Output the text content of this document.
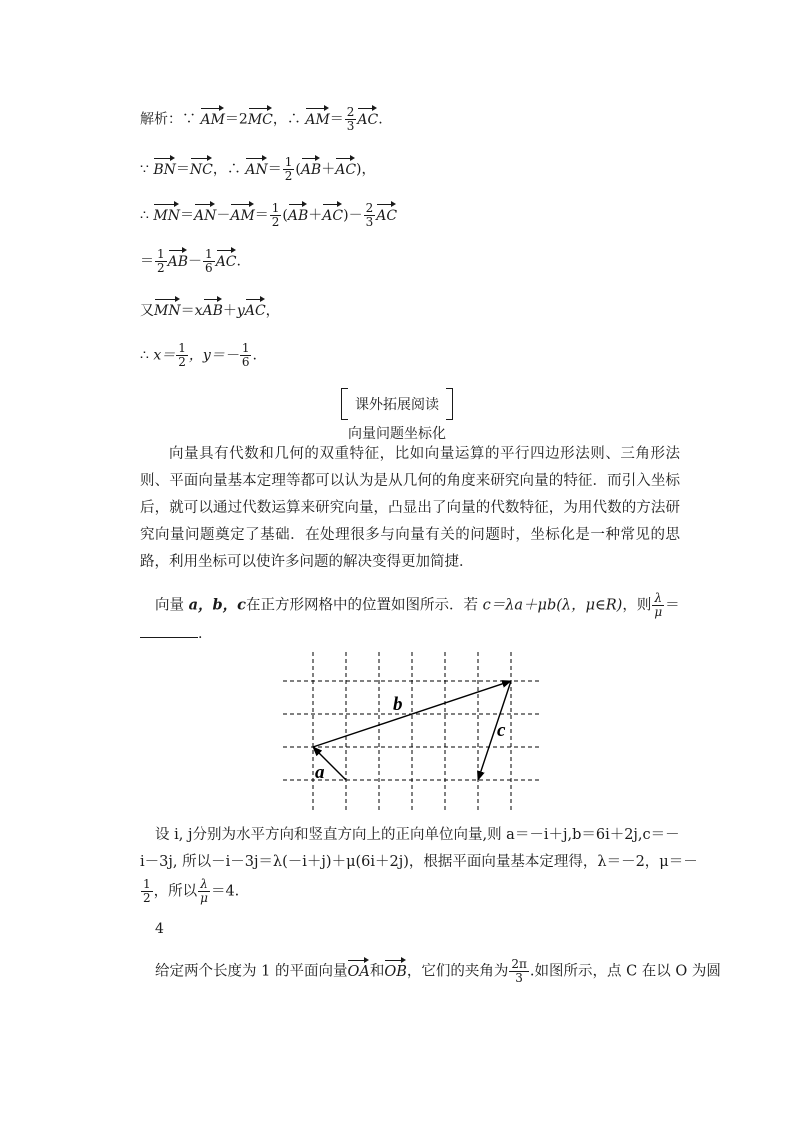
解析：∵ AM＝2MC，∴ $AM= \frac{2}{3}$ AC.
∵ BN＝NC，∴ $AN= \frac{1}{2} (AB+AC)$，
∴ $MN=AN-AM= \frac{1}{2} (AB+AC)- \frac{2}{3}$ AC
＝ $\frac{1}{2} AB- \frac{1}{6}$ AC.
又MN＝xAB＋yAC，
∴ $x= \frac{1}{2}$ ，$y=- \frac{1}{6}$ .
课外拓展阅读
向量问题坐标化
向量具有代数和几何的双重特征，比如向量运算的平行四边形法则、三角形法则、平面向量基本定理等都可以认为是从几何的角度来研究向量的特征．而引入坐标后，就可以通过代数运算来研究向量，凸显出了向量的代数特征，为用代数的方法研究向量问题奠定了基础．在处理很多与向量有关的问题时，坐标化是一种常见的思路，利用坐标可以使许多问题的解决变得更加简捷．
向量 a，b，c在正方形网格中的位置如图所示．若 c＝λa＋μb(λ，μ∈R)，则 $\frac{\lambda}{\mu}$ ＝
.
a
b
c
设 i, j分别为水平方向和竖直方向上的正向单位向量,则 a＝－i＋j,b＝6i＋2j,c＝－
i－3j, 所以－i－3j＝λ(－i＋j)＋μ(6i＋2j)，根据平面向量基本定理得，λ＝－2，μ＝－
$\frac{1}{2}$ ，所以 $\frac{\lambda}{\mu} =4$.
4
给定两个长度为 1 的平面向量OA和OB，它们的夹角为 $\frac{2\pi}{3}$ .如图所示，点 C 在以 O 为圆
